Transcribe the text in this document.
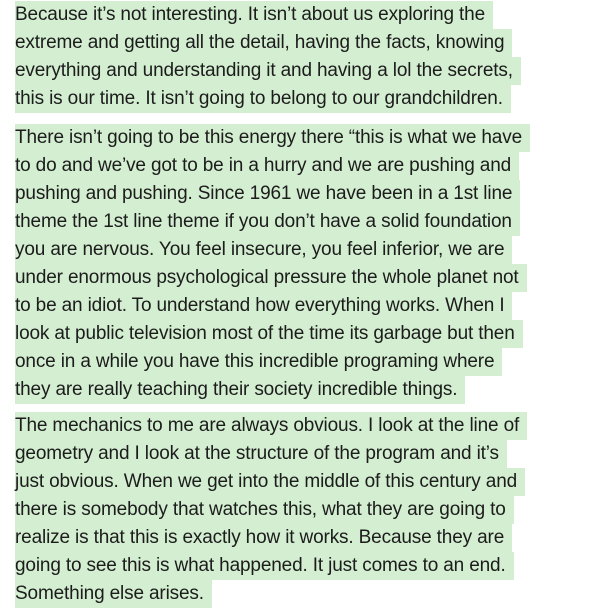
Because it’s not interesting. It isn’t about us exploring the
extreme and getting all the detail, having the facts, knowing
everything and understanding it and having a lol the secrets,
this is our time. It isn’t going to belong to our grandchildren.
There isn’t going to be this energy there “this is what we have
to do and we’ve got to be in a hurry and we are pushing and
pushing and pushing. Since 1961 we have been in a 1st line
theme the 1st line theme if you don’t have a solid foundation
you are nervous. You feel insecure, you feel inferior, we are
under enormous psychological pressure the whole planet not
to be an idiot. To understand how everything works. When I
look at public television most of the time its garbage but then
once in a while you have this incredible programing where
they are really teaching their society incredible things.
The mechanics to me are always obvious. I look at the line of
geometry and I look at the structure of the program and it’s
just obvious. When we get into the middle of this century and
there is somebody that watches this, what they are going to
realize is that this is exactly how it works. Because they are
going to see this is what happened. It just comes to an end.
Something else arises.
